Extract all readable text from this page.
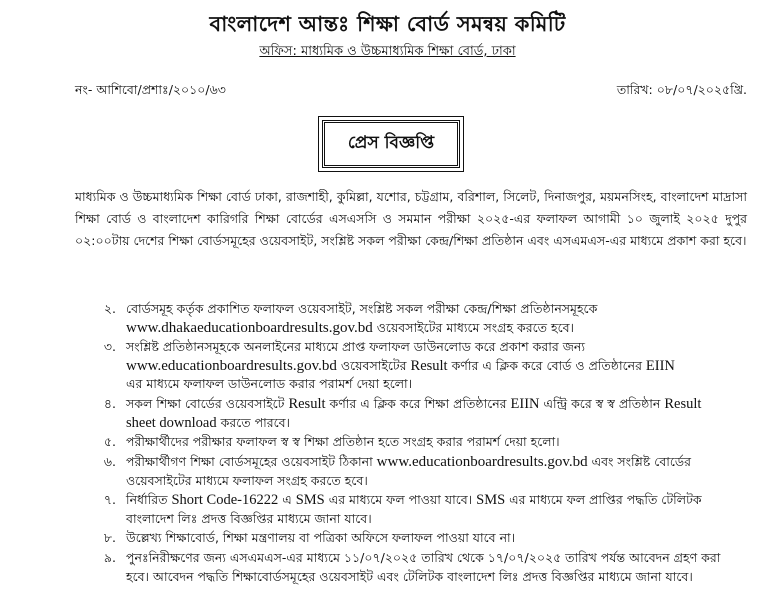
বাংলাদেশ আন্তঃ শিক্ষা বোর্ড সমন্বয় কমিটি
অফিস: মাধ্যমিক ও উচ্চমাধ্যমিক শিক্ষা বোর্ড, ঢাকা
নং- আশিবো/প্রশাঃ/২০১০/৬৩	তারিখ: ০৮/০৭/২০২৫খ্রি.
প্রেস বিজ্ঞপ্তি
মাধ্যমিক ও উচ্চমাধ্যমিক শিক্ষা বোর্ড ঢাকা, রাজশাহী, কুমিল্লা, যশোর, চট্টগ্রাম, বরিশাল, সিলেট, দিনাজপুর, ময়মনসিংহ, বাংলাদেশ মাদ্রাসা শিক্ষা বোর্ড ও বাংলাদেশ কারিগরি শিক্ষা বোর্ডের এসএসসি ও সমমান পরীক্ষা ২০২৫-এর ফলাফল আগামী ১০ জুলাই ২০২৫ দুপুর ০২:০০টায় দেশের শিক্ষা বোর্ডসমূহের ওয়েবসাইট, সংশ্লিষ্ট সকল পরীক্ষা কেন্দ্র/শিক্ষা প্রতিষ্ঠান এবং এসএমএস-এর মাধ্যমে প্রকাশ করা হবে।
২. বোর্ডসমূহ কর্তৃক প্রকাশিত ফলাফল ওয়েবসাইট, সংশ্লিষ্ট সকল পরীক্ষা কেন্দ্র/শিক্ষা প্রতিষ্ঠানসমূহকে
www.dhakaeducationboardresults.gov.bd ওয়েবসাইটের মাধ্যমে সংগ্রহ করতে হবে।
৩. সংশ্লিষ্ট প্রতিষ্ঠানসমূহকে অনলাইনের মাধ্যমে প্রাপ্ত ফলাফল ডাউনলোড করে প্রকাশ করার জন্য
www.educationboardresults.gov.bd ওয়েবসাইটের Result কর্ণার এ ক্লিক করে বোর্ড ও প্রতিষ্ঠানের EIIN
এর মাধ্যমে ফলাফল ডাউনলোড করার পরামর্শ দেয়া হলো।
৪. সকল শিক্ষা বোর্ডের ওয়েবসাইটে Result কর্ণার এ ক্লিক করে শিক্ষা প্রতিষ্ঠানের EIIN এন্ট্রি করে স্ব স্ব প্রতিষ্ঠান Result
sheet download করতে পারবে।
৫. পরীক্ষার্থীদের পরীক্ষার ফলাফল স্ব স্ব শিক্ষা প্রতিষ্ঠান হতে সংগ্রহ করার পরামর্শ দেয়া হলো।
৬. পরীক্ষার্থীগণ শিক্ষা বোর্ডসমূহের ওয়েবসাইট ঠিকানা www.educationboardresults.gov.bd এবং সংশ্লিষ্ট বোর্ডের
ওয়েবসাইটের মাধ্যমে ফলাফল সংগ্রহ করতে হবে।
৭. নির্ধারিত Short Code-16222 এ SMS এর মাধ্যমে ফল পাওয়া যাবে। SMS এর মাধ্যমে ফল প্রাপ্তির পদ্ধতি টেলিটক
বাংলাদেশ লিঃ প্রদত্ত বিজ্ঞপ্তির মাধ্যমে জানা যাবে।
৮. উল্লেখ্য শিক্ষাবোর্ড, শিক্ষা মন্ত্রণালয় বা পত্রিকা অফিসে ফলাফল পাওয়া যাবে না।
৯. পুনঃনিরীক্ষণের জন্য এসএমএস-এর মাধ্যমে ১১/০৭/২০২৫ তারিখ থেকে ১৭/০৭/২০২৫ তারিখ পর্যন্ত আবেদন গ্রহণ করা
হবে। আবেদন পদ্ধতি শিক্ষাবোর্ডসমূহের ওয়েবসাইট এবং টেলিটক বাংলাদেশ লিঃ প্রদত্ত বিজ্ঞপ্তির মাধ্যমে জানা যাবে।
